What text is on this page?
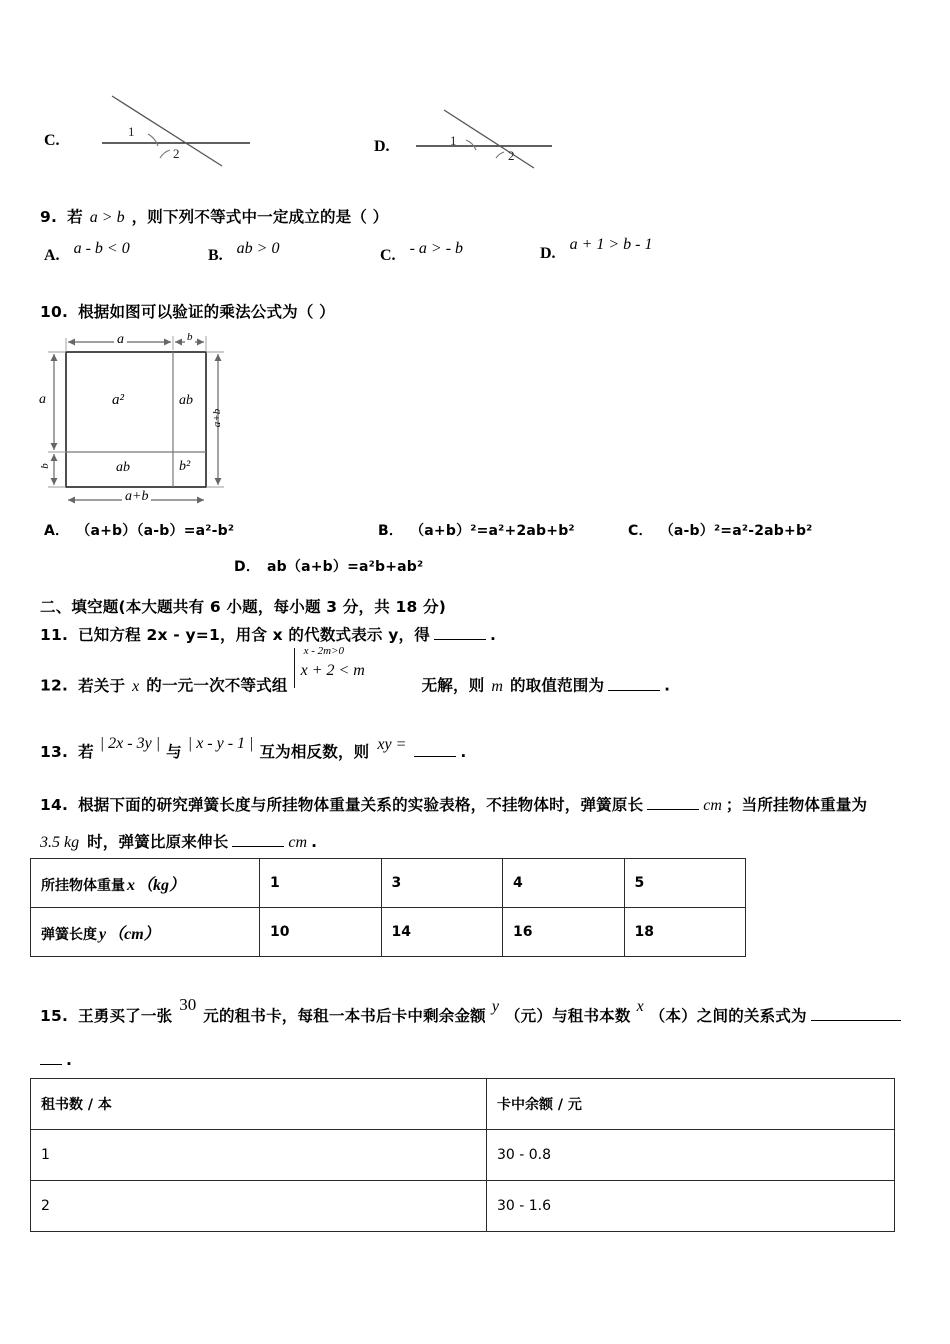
C.
1
2	D.	1
2
9. 若 a > b ，则下列不等式中一定成立的是（ ）
A. a - b < 0	B. ab > 0	C. - a > - b	D. a + 1 > b - 1
10. 根据如图可以验证的乘法公式为（ ）
a	b
a
b
a+b
a+b
a²	ab
ab	b²
A． （a+b）（a-b）=a²-b²	B． （a+b）²=a²+2ab+b²	C． （a-b）²=a²-2ab+b²
D． ab（a+b）=a²b+ab²
二、填空题(本大题共有 6 小题，每小题 3 分，共 18 分)
11. 已知方程 2x - y=1，用含 x 的代数式表示 y，得	.
12. 若关于 x 的一元一次不等式组
x - 2m>0
x + 2 < m
无解，则 m 的取值范围为	.
13. 若 | 2x - 3y | 与 | x - y - 1 | 互为相反数，则 xy =	.
14. 根据下面的研究弹簧长度与所挂物体重量关系的实验表格，不挂物体时，弹簧原长	cm ；当所挂物体重量为
3.5 kg 时，弹簧比原来伸长	cm .
所挂物体重量 x （kg）	1	3	4	5
弹簧长度 y （cm）	10	14	16	18
15. 王勇买了一张 30 元的租书卡，每租一本书后卡中剩余金额 y （元）与租书本数 x （本）之间的关系式为
.
租书数 / 本	卡中余额 / 元
1	30 - 0.8
2	30 - 1.6
